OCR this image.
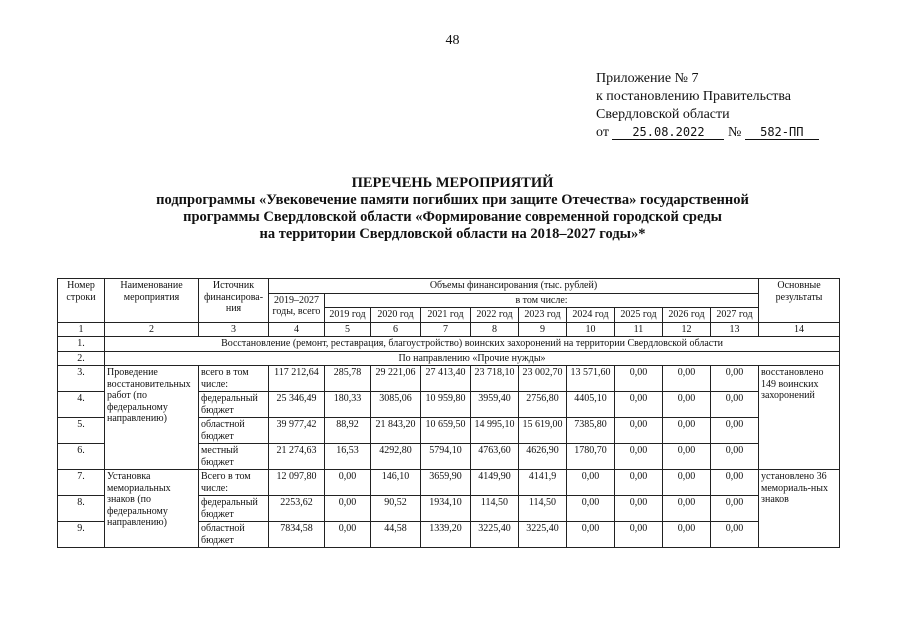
48
Приложение № 7
к постановлению Правительства
Свердловской области
от 25.08.2022 № 582-ПП
ПЕРЕЧЕНЬ МЕРОПРИЯТИЙ
подпрограммы «Увековечение памяти погибших при защите Отечества» государственной
программы Свердловской области «Формирование современной городской среды
на территории Свердловской области на 2018–2027 годы»*
Номер строки	Наименование мероприятия	Источник финансирова-ния	Объемы финансирования (тыс. рублей)										Основные результаты
			2019–2027 годы, всего	в том числе:									
				2019 год	2020 год	2021 год	2022 год	2023 год	2024 год	2025 год	2026 год	2027 год	
1	2	3	4	5	6	7	8	9	10	11	12	13	14
1.	Восстановление (ремонт, реставрация, благоустройство) воинских захоронений на территории Свердловской области												
2.	По направлению «Прочие нужды»												
3.	Проведение восстановительных работ (по федеральному направлению)	всего в том числе:	117 212,64	285,78	29 221,06	27 413,40	23 718,10	23 002,70	13 571,60	0,00	0,00	0,00	восстановлено 149 воинских захоронений
4.		федеральный бюджет	25 346,49	180,33	3085,06	10 959,80	3959,40	2756,80	4405,10	0,00	0,00	0,00	
5.		областной бюджет	39 977,42	88,92	21 843,20	10 659,50	14 995,10	15 619,00	7385,80	0,00	0,00	0,00	
6.		местный бюджет	21 274,63	16,53	4292,80	5794,10	4763,60	4626,90	1780,70	0,00	0,00	0,00	
7.	Установка мемориальных знаков (по федеральному направлению)	Всего в том числе:	12 097,80	0,00	146,10	3659,90	4149,90	4141,9	0,00	0,00	0,00	0,00	установлено 36 мемориаль-ных знаков
8.		федеральный бюджет	2253,62	0,00	90,52	1934,10	114,50	114,50	0,00	0,00	0,00	0,00	
9.		областной бюджет	7834,58	0,00	44,58	1339,20	3225,40	3225,40	0,00	0,00	0,00	0,00	
